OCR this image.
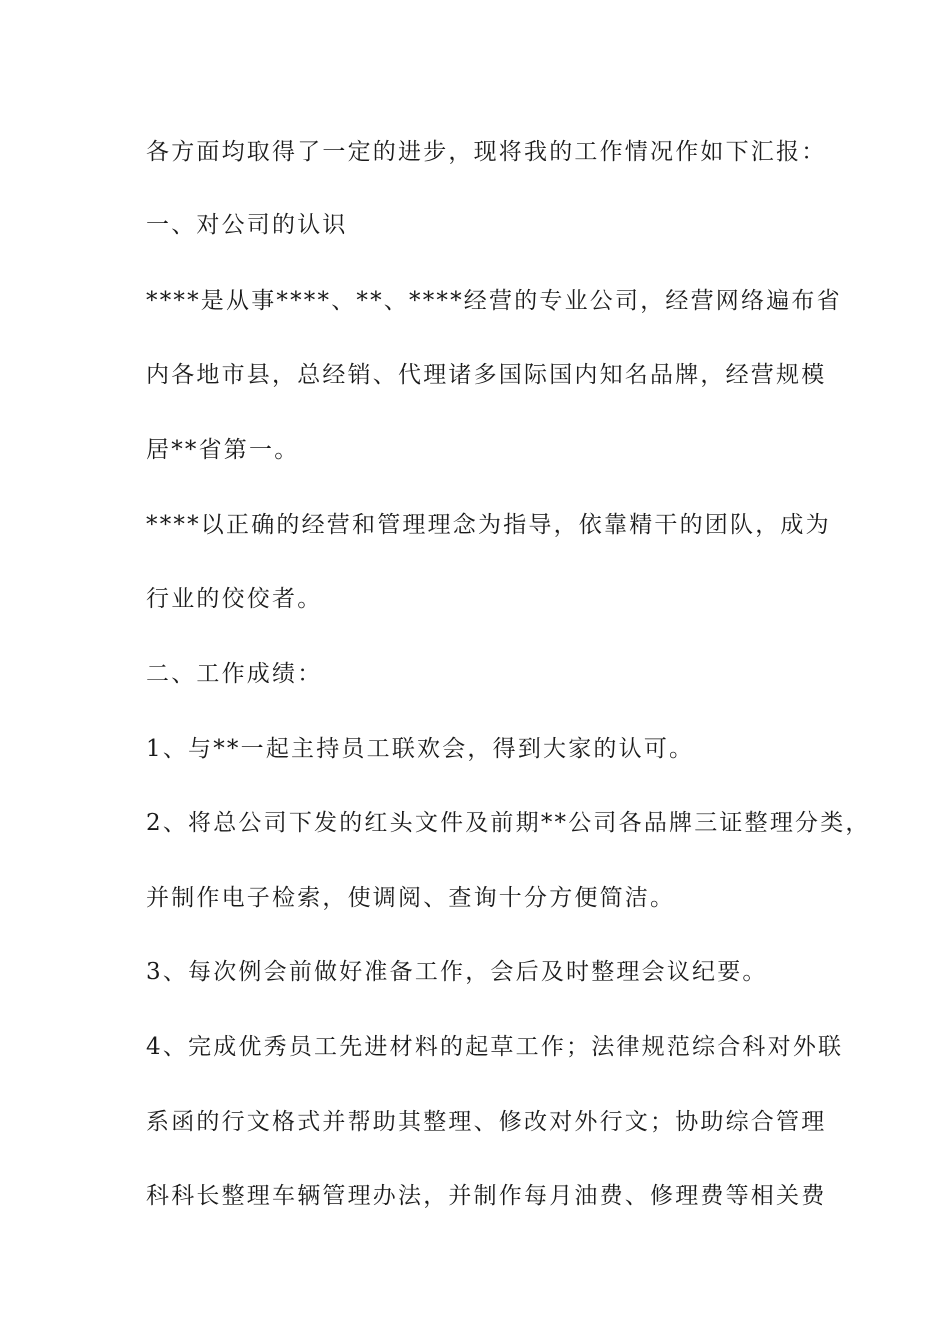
各方面均取得了一定的进步，现将我的工作情况作如下汇报：
一、对公司的认识
****是从事****、**、****经营的专业公司，经营网络遍布省
内各地市县，总经销、代理诸多国际国内知名品牌，经营规模
居**省第一。
****以正确的经营和管理理念为指导，依靠精干的团队，成为
行业的佼佼者。
二、工作成绩：
1、与**一起主持员工联欢会，得到大家的认可。
2、将总公司下发的红头文件及前期**公司各品牌三证整理分类，
并制作电子检索，使调阅、查询十分方便简洁。
3、每次例会前做好准备工作，会后及时整理会议纪要。
4、完成优秀员工先进材料的起草工作；法律规范综合科对外联
系函的行文格式并帮助其整理、修改对外行文；协助综合管理
科科长整理车辆管理办法，并制作每月油费、修理费等相关费
